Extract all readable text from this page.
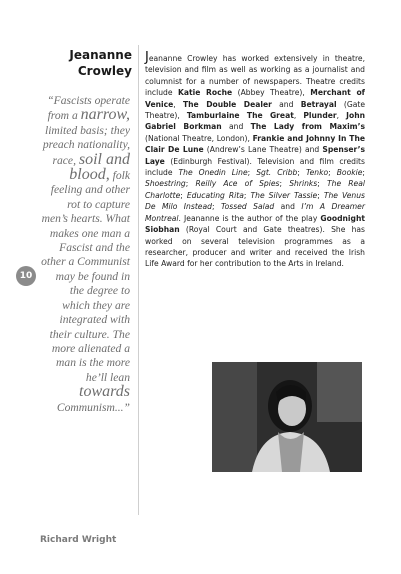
Jeananne
Crowley
“Fascists operate from a narrow, limited basis; they preach nationality, race, soil and blood, folk feeling and other rot to capture men’s hearts. What makes one man a Fascist and the other a Communist may be found in the degree to which they are integrated with their culture. The more alienated a man is the more he’ll lean towards Communism...”
10
Richard Wright
Jeananne Crowley has worked extensively in theatre, television and film as well as working as a journalist and columnist for a number of newspapers. Theatre credits include Katie Roche (Abbey Theatre), Merchant of Venice, The Double Dealer and Betrayal (Gate Theatre), Tamburlaine The Great, Plunder, John Gabriel Borkman and The Lady from Maxim’s (National Theatre, London), Frankie and Johnny In The Clair De Lune (Andrew’s Lane Theatre) and Spenser’s Laye (Edinburgh Festival). Television and film credits include The Onedin Line; Sgt. Cribb; Tenko; Bookie; Shoestring; Reilly Ace of Spies; Shrinks; The Real Charlotte; Educating Rita; The Silver Tassie; The Venus De Milo Instead; Tossed Salad and I’m A Dreamer Montreal. Jeananne is the author of the play Goodnight Siobhan (Royal Court and Gate theatres). She has worked on several television programmes as a researcher, producer and writer and received the Irish Life Award for her contribution to the Arts in Ireland.
